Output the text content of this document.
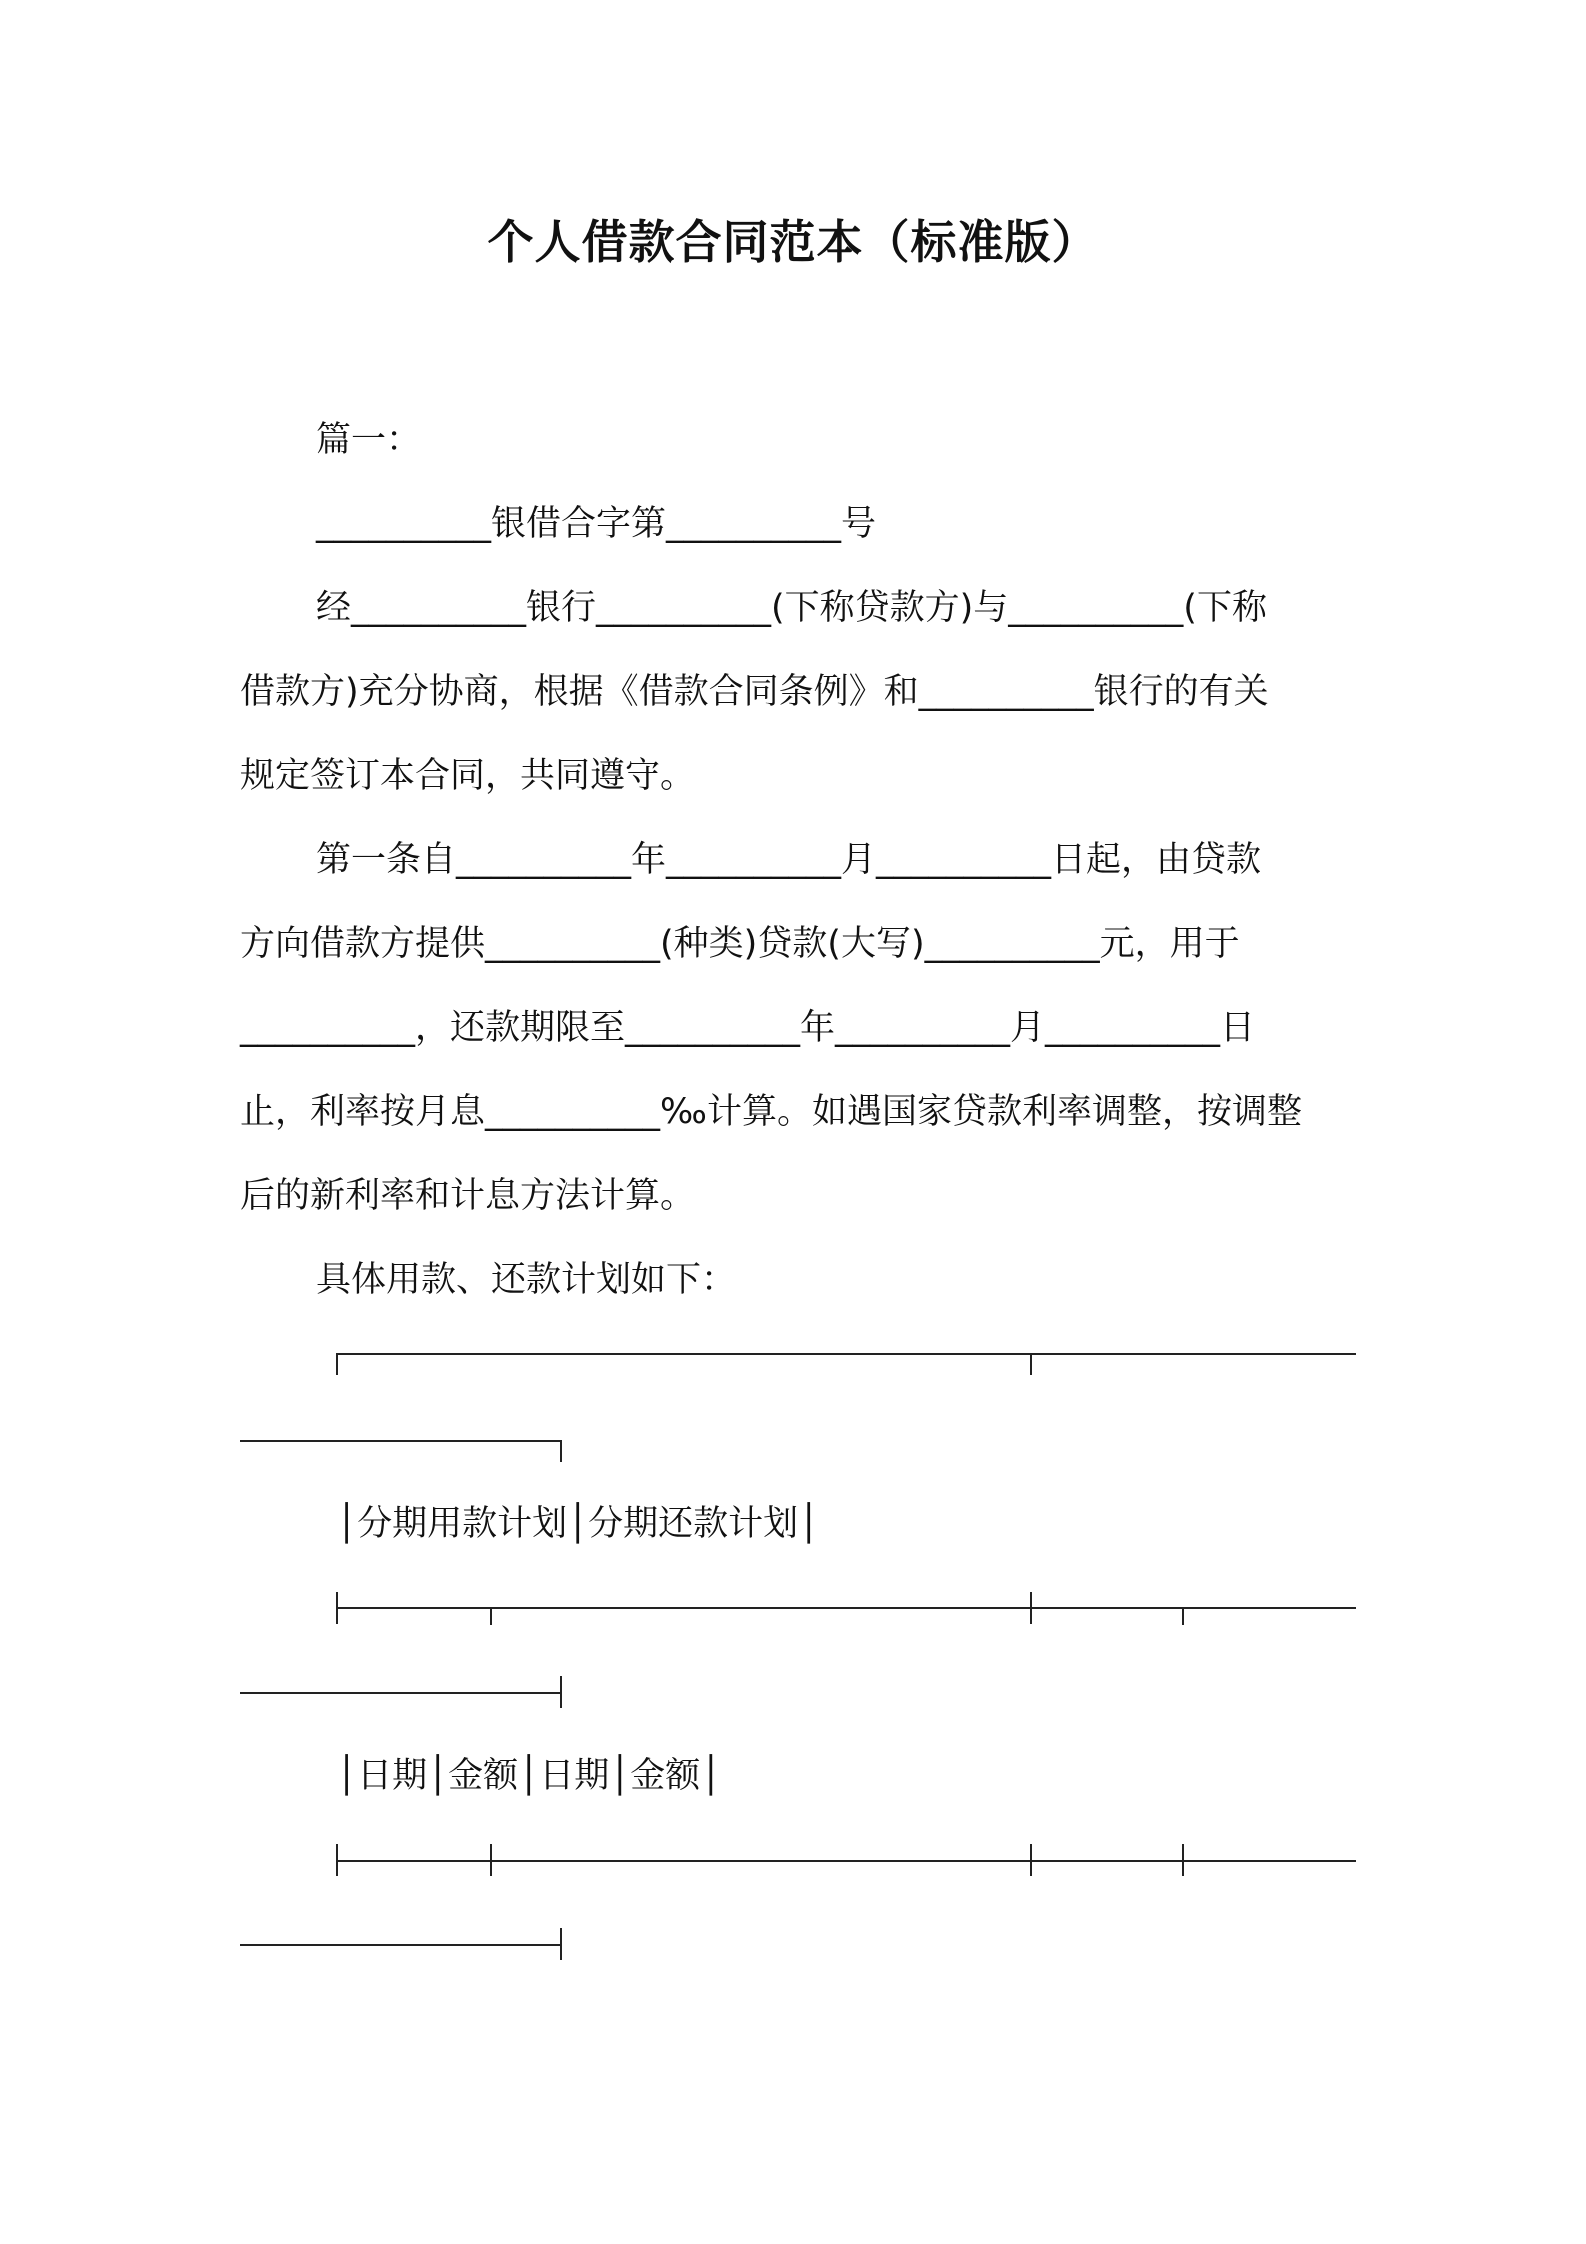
个人借款合同范本（标准版）
篇一：
__________银借合字第__________号
经__________银行__________(下称贷款方)与__________(下称
借款方)充分协商，根据《借款合同条例》和__________银行的有关
规定签订本合同，共同遵守。
第一条自__________年__________月__________日起，由贷款
方向借款方提供__________(种类)贷款(大写)__________元，用于
__________，还款期限至__________年__________月__________日
止，利率按月息__________‰计算。如遇国家贷款利率调整，按调整
后的新利率和计息方法计算。
具体用款、还款计划如下：
│分期用款计划│分期还款计划│
│日期│金额│日期│金额│
